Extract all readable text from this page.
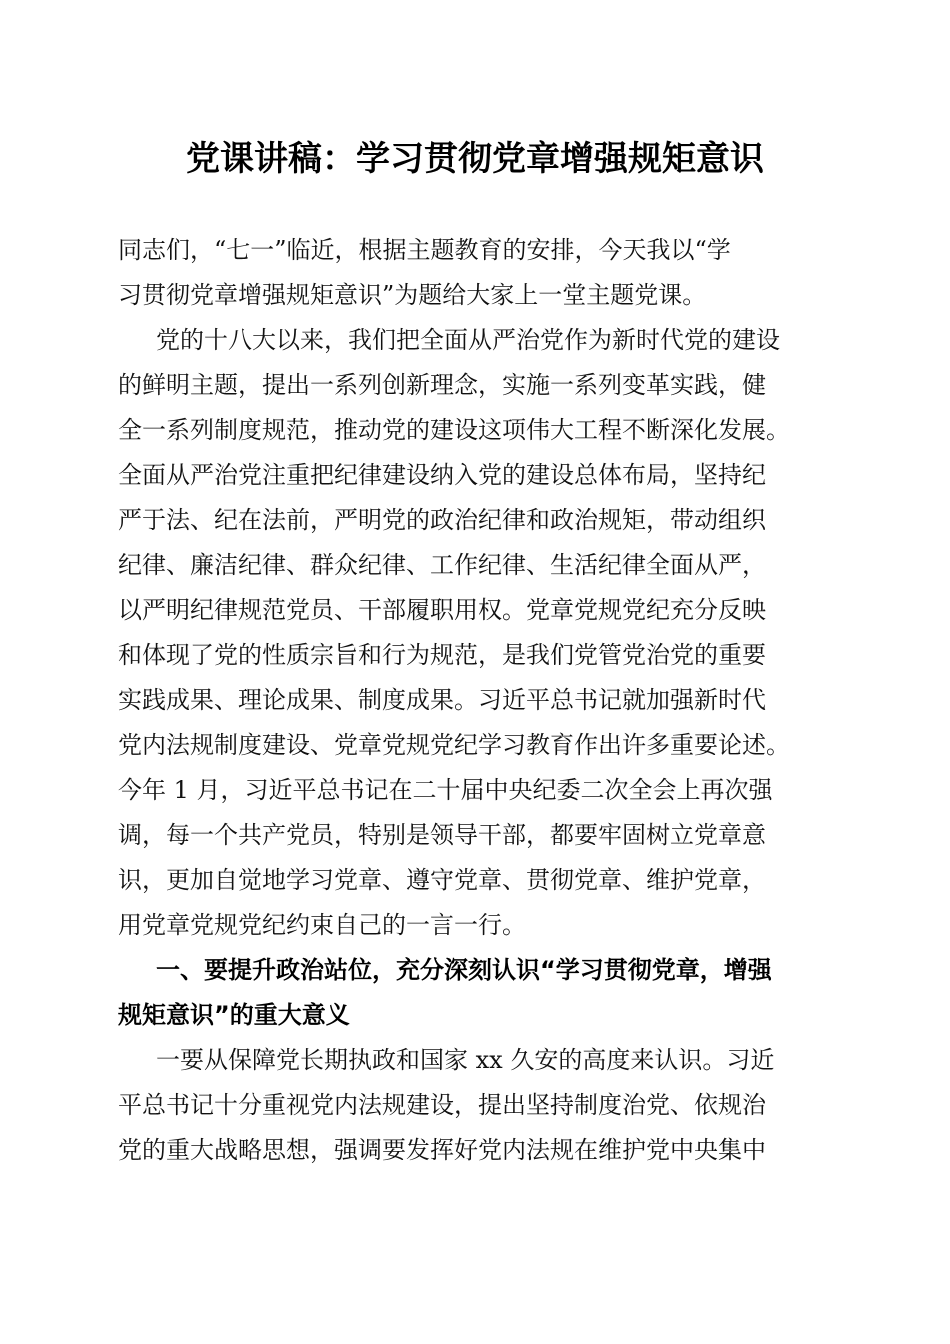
党课讲稿：学习贯彻党章增强规矩意识
同志们，“七一”临近，根据主题教育的安排，今天我以“学
习贯彻党章增强规矩意识”为题给大家上一堂主题党课。
党的十八大以来，我们把全面从严治党作为新时代党的建设
的鲜明主题，提出一系列创新理念，实施一系列变革实践，健
全一系列制度规范，推动党的建设这项伟大工程不断深化发展。
全面从严治党注重把纪律建设纳入党的建设总体布局，坚持纪
严于法、纪在法前，严明党的政治纪律和政治规矩，带动组织
纪律、廉洁纪律、群众纪律、工作纪律、生活纪律全面从严，
以严明纪律规范党员、干部履职用权。党章党规党纪充分反映
和体现了党的性质宗旨和行为规范，是我们党管党治党的重要
实践成果、理论成果、制度成果。习近平总书记就加强新时代
党内法规制度建设、党章党规党纪学习教育作出许多重要论述。
今年 1 月，习近平总书记在二十届中央纪委二次全会上再次强
调，每一个共产党员，特别是领导干部，都要牢固树立党章意
识，更加自觉地学习党章、遵守党章、贯彻党章、维护党章，
用党章党规党纪约束自己的一言一行。
一、要提升政治站位，充分深刻认识“学习贯彻党章，增强
规矩意识”的重大意义
一要从保障党长期执政和国家 xx 久安的高度来认识。习近
平总书记十分重视党内法规建设，提出坚持制度治党、依规治
党的重大战略思想，强调要发挥好党内法规在维护党中央集中
